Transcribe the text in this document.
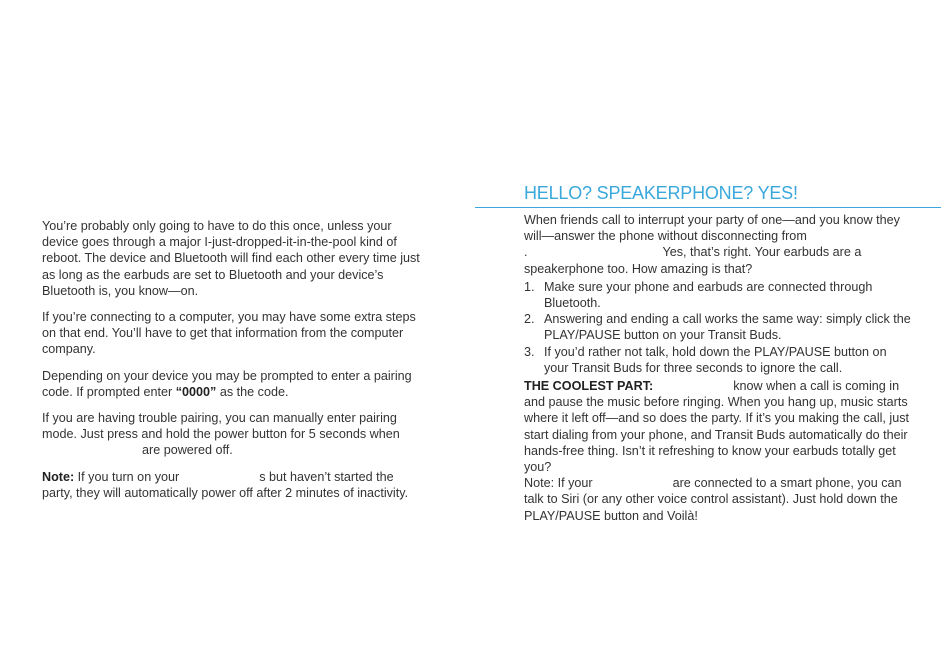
You’re probably only going to have to do this once, unless your device goes through a major I-just-dropped-it-in-the-pool kind of reboot. The device and Bluetooth will find each other every time just as long as the earbuds are set to Bluetooth and your device’s Bluetooth is, you know—on.

If you’re connecting to a computer, you may have some extra steps on that end. You’ll have to get that information from the computer company.

Depending on your device you may be prompted to enter a pairing code. If prompted enter “0000” as the code.

If you are having trouble pairing, you can manually enter pairing mode. Just press and hold the power button for 5 seconds when
are powered off.

Note: If you turn on your	s but haven’t started the party, they will automatically power off after 2 minutes of inactivity.

HELLO? SPEAKERPHONE? YES!

When friends call to interrupt your party of one—and you know they will—answer the phone without disconnecting from
.	Yes, that’s right. Your earbuds are a speakerphone too. How amazing is that?

1. Make sure your phone and earbuds are connected through Bluetooth.
2. Answering and ending a call works the same way: simply click the PLAY/PAUSE button on your Transit Buds.
3. If you’d rather not talk, hold down the PLAY/PAUSE button on your Transit Buds for three seconds to ignore the call.

THE COOLEST PART:	know when a call is coming in and pause the music before ringing. When you hang up, music starts where it left off—and so does the party. If it’s you making the call, just start dialing from your phone, and Transit Buds automatically do their hands-free thing. Isn’t it refreshing to know your earbuds totally get you?

Note: If your	are connected to a smart phone, you can talk to Siri (or any other voice control assistant). Just hold down the PLAY/PAUSE button and Voilà!
